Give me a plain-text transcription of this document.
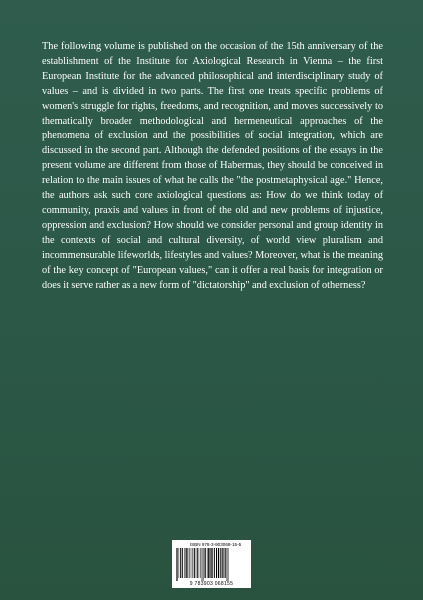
The following volume is published on the occasion of the 15th anniversary of the establishment of the Institute for Axiological Research in Vienna – the first European Institute for the advanced philosophical and interdisciplinary study of values – and is divided in two parts. The first one treats specific problems of women's struggle for rights, freedoms, and recognition, and moves successively to thematically broader methodological and hermeneutical approaches of the phenomena of exclusion and the possibilities of social integration, which are discussed in the second part. Although the defended positions of the essays in the present volume are different from those of Habermas, they should be conceived in relation to the main issues of what he calls the "the postmetaphysical age." Hence, the authors ask such core axiological questions as: How do we think today of community, praxis and values in front of the old and new problems of injustice, oppression and exclusion? How should we consider personal and group identity in the contexts of social and cultural diversity, of world view pluralism and incommensurable lifeworlds, lifestyles and values? Moreover, what is the meaning of the key concept of "European values," can it offer a real basis for integration or does it serve rather as a new form of "dictatorship" and exclusion of otherness?

ISBN 978-3-903068-15-5
9 783903 068155
